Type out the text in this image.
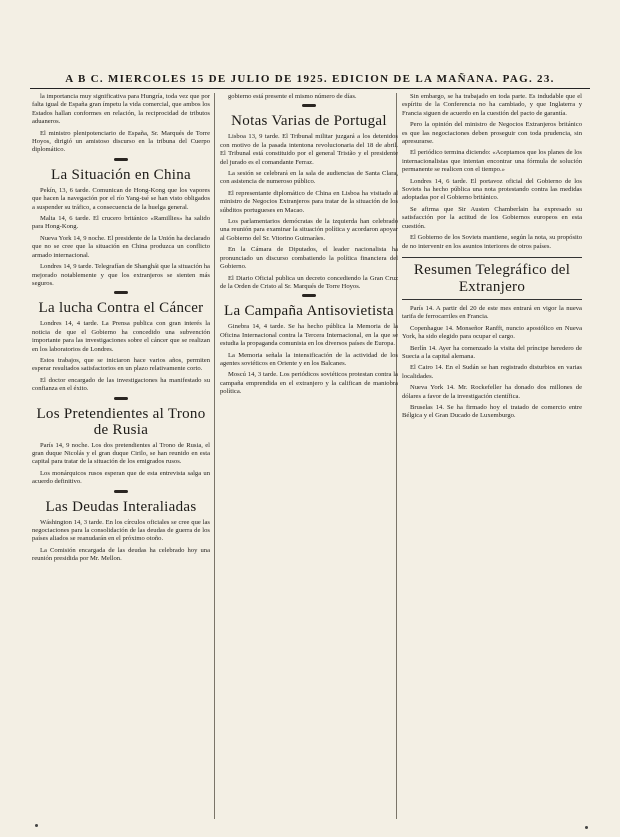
A B C. MIERCOLES 15 DE JULIO DE 1925. EDICION DE LA MAÑANA. PAG. 23.

la importancia muy significativa para Hungría, toda vez que por falta igual de España gran ímpetu la vida comercial, que ambos los Estados hallan conformes en relación, la reciprocidad de tributos aduaneros.

El ministro plenipotenciario de España, Sr. Marqués de Torre Hoyos, dirigió un amistoso discurso en la tribuna del Cuerpo diplomático.

La Situación en China

Pekín, 13, 6 tarde. Comunican de Hong-Kong que los vapores que hacen la navegación por el río Yang-tsé se han visto obligados a suspender su tráfico, a consecuencia de la huelga general.

Malta 14, 6 tarde. El crucero británico «Ramillies» ha salido para Hong-Kong.

Nueva York 14, 9 noche. El presidente de la Unión ha declarado que no se cree que la situación en China produzca un conflicto armado internacional.

Londres 14, 9 tarde. Telegrafían de Shanghái que la situación ha mejorado notablemente y que los extranjeros se sienten más seguros.

La lucha Contra el Cáncer

Londres 14, 4 tarde. La Prensa publica con gran interés la noticia de que el Gobierno ha concedido una subvención importante para las investigaciones sobre el cáncer que se realizan en los laboratorios de Londres.

Estos trabajos, que se iniciaron hace varios años, permiten esperar resultados satisfactorios en un plazo relativamente corto.

El doctor encargado de las investigaciones ha manifestado su confianza en el éxito.

Los Pretendientes al Trono de Rusia

París 14, 9 noche. Los dos pretendientes al Trono de Rusia, el gran duque Nicolás y el gran duque Cirilo, se han reunido en esta capital para tratar de la situación de los emigrados rusos.

Los monárquicos rusos esperan que de esta entrevista salga un acuerdo definitivo.

Las Deudas Interaliadas

Wáshington 14, 3 tarde. En los círculos oficiales se cree que las negociaciones para la consolidación de las deudas de guerra de los países aliados se reanudarán en el próximo otoño.

La Comisión encargada de las deudas ha celebrado hoy una reunión presidida por Mr. Mellon.

gobierno está presente el mismo número de días.

Notas Varias de Portugal

Lisboa 13, 9 tarde. El Tribunal militar juzgará a los detenidos con motivo de la pasada intentona revolucionaria del 18 de abril. El Tribunal está constituido por el general Tristão y el presidente del jurado es el comandante Ferraz.

La sesión se celebrará en la sala de audiencias de Santa Clara, con asistencia de numeroso público.

El representante diplomático de China en Lisboa ha visitado al ministro de Negocios Extranjeros para tratar de la situación de los súbditos portugueses en Macao.

Los parlamentarios demócratas de la izquierda han celebrado una reunión para examinar la situación política y acordaron apoyar al Gobierno del Sr. Vitorino Guimarães.

En la Cámara de Diputados, el leader nacionalista ha pronunciado un discurso combatiendo la política financiera del Gobierno.

El Diario Oficial publica un decreto concediendo la Gran Cruz de la Orden de Cristo al Sr. Marqués de Torre Hoyos.

La Campaña Antisovietista

Ginebra 14, 4 tarde. Se ha hecho pública la Memoria de la Oficina Internacional contra la Tercera Internacional, en la que se estudia la propaganda comunista en los diversos países de Europa.

La Memoria señala la intensificación de la actividad de los agentes soviéticos en Oriente y en los Balcanes.

Moscú 14, 3 tarde. Los periódicos soviéticos protestan contra la campaña emprendida en el extranjero y la califican de maniobra política.

Sin embargo, se ha trabajado en toda parte. Es indudable que el espíritu de la Conferencia no ha cambiado, y que Inglaterra y Francia siguen de acuerdo en la cuestión del pacto de garantía.

Pero la opinión del ministro de Negocios Extranjeros británico es que las negociaciones deben proseguir con toda prudencia, sin apresurarse.

El periódico termina diciendo: «Aceptamos que los planes de los internacionalistas que intentan encontrar una fórmula de solución permanente se realicen con el tiempo.»

Londres 14, 6 tarde. El portavoz oficial del Gobierno de los Soviets ha hecho pública una nota protestando contra las medidas adoptadas por el Gobierno británico.

Se afirma que Sir Austen Chamberlain ha expresado su satisfacción por la actitud de los Gobiernos europeos en esta cuestión.

El Gobierno de los Soviets mantiene, según la nota, su propósito de no intervenir en los asuntos interiores de otros países.

Resumen Telegráfico del Extranjero

París 14. A partir del 20 de este mes entrará en vigor la nueva tarifa de ferrocarriles en Francia.

Copenhague 14. Monseñor Ranfft, nuncio apostólico en Nueva York, ha sido elegido para ocupar el cargo.

Berlín 14. Ayer ha comenzado la visita del príncipe heredero de Suecia a la capital alemana.

El Cairo 14. En el Sudán se han registrado disturbios en varias localidades.

Nueva York 14. Mr. Rockefeller ha donado dos millones de dólares a favor de la investigación científica.

Bruselas 14. Se ha firmado hoy el tratado de comercio entre Bélgica y el Gran Ducado de Luxemburgo.
